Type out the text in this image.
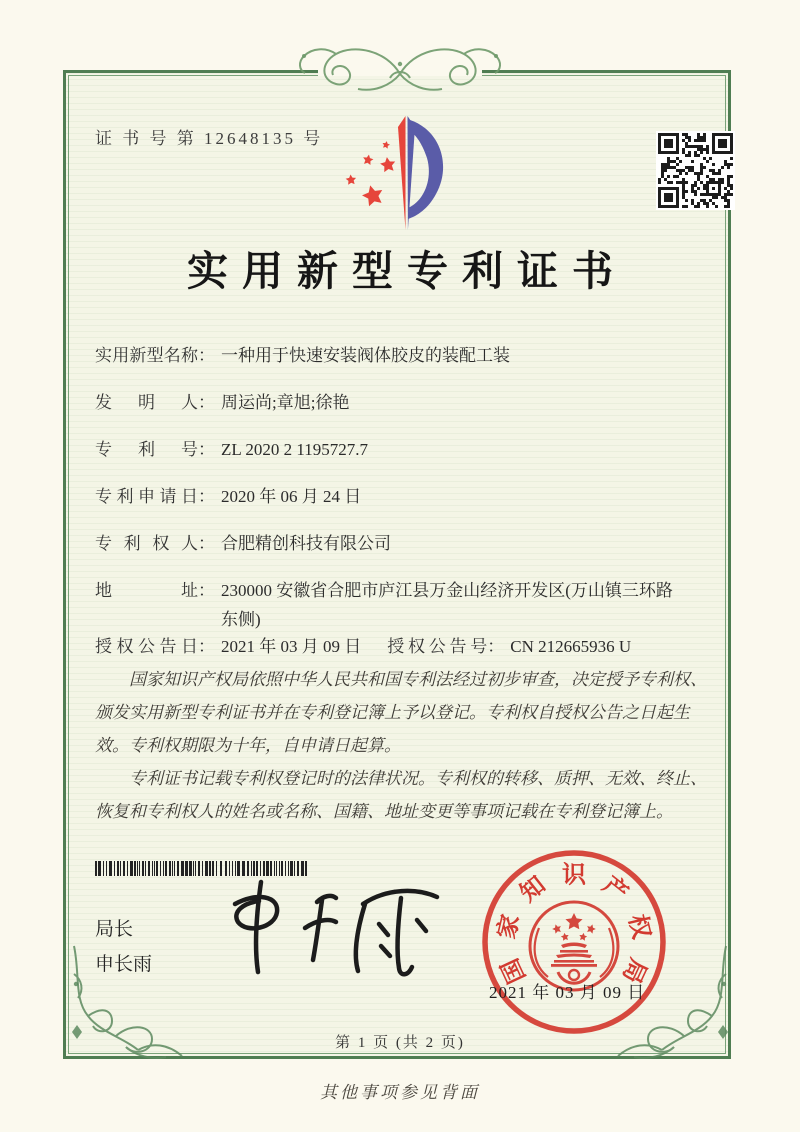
证 书 号 第 12648135 号
实用新型专利证书
实用新型名称 ： 一种用于快速安装阀体胶皮的装配工装
发明人 ： 周运尚;章旭;徐艳
专利号 ： ZL 2020 2 1195727.7
专利申请日 ： 2020 年 06 月 24 日
专利权人 ： 合肥精创科技有限公司
地址 ： 230000 安徽省合肥市庐江县万金山经济开发区(万山镇三环路东侧)
授权公告日 ： 2021 年 03 月 09 日 授权公告号 ： CN 212665936 U

国家知识产权局依照中华人民共和国专利法经过初步审查，决定授予专利权、颁发实用新型专利证书并在专利登记簿上予以登记。专利权自授权公告之日起生效。专利权期限为十年，自申请日起算。

专利证书记载专利权登记时的法律状况。专利权的转移、质押、无效、终止、恢复和专利权人的姓名或名称、国籍、地址变更等事项记载在专利登记簿上。

局长
申长雨	国
家
知 识 产
权
局
2021 年 03 月 09 日
第 1 页 (共 2 页)
其他事项参见背面
